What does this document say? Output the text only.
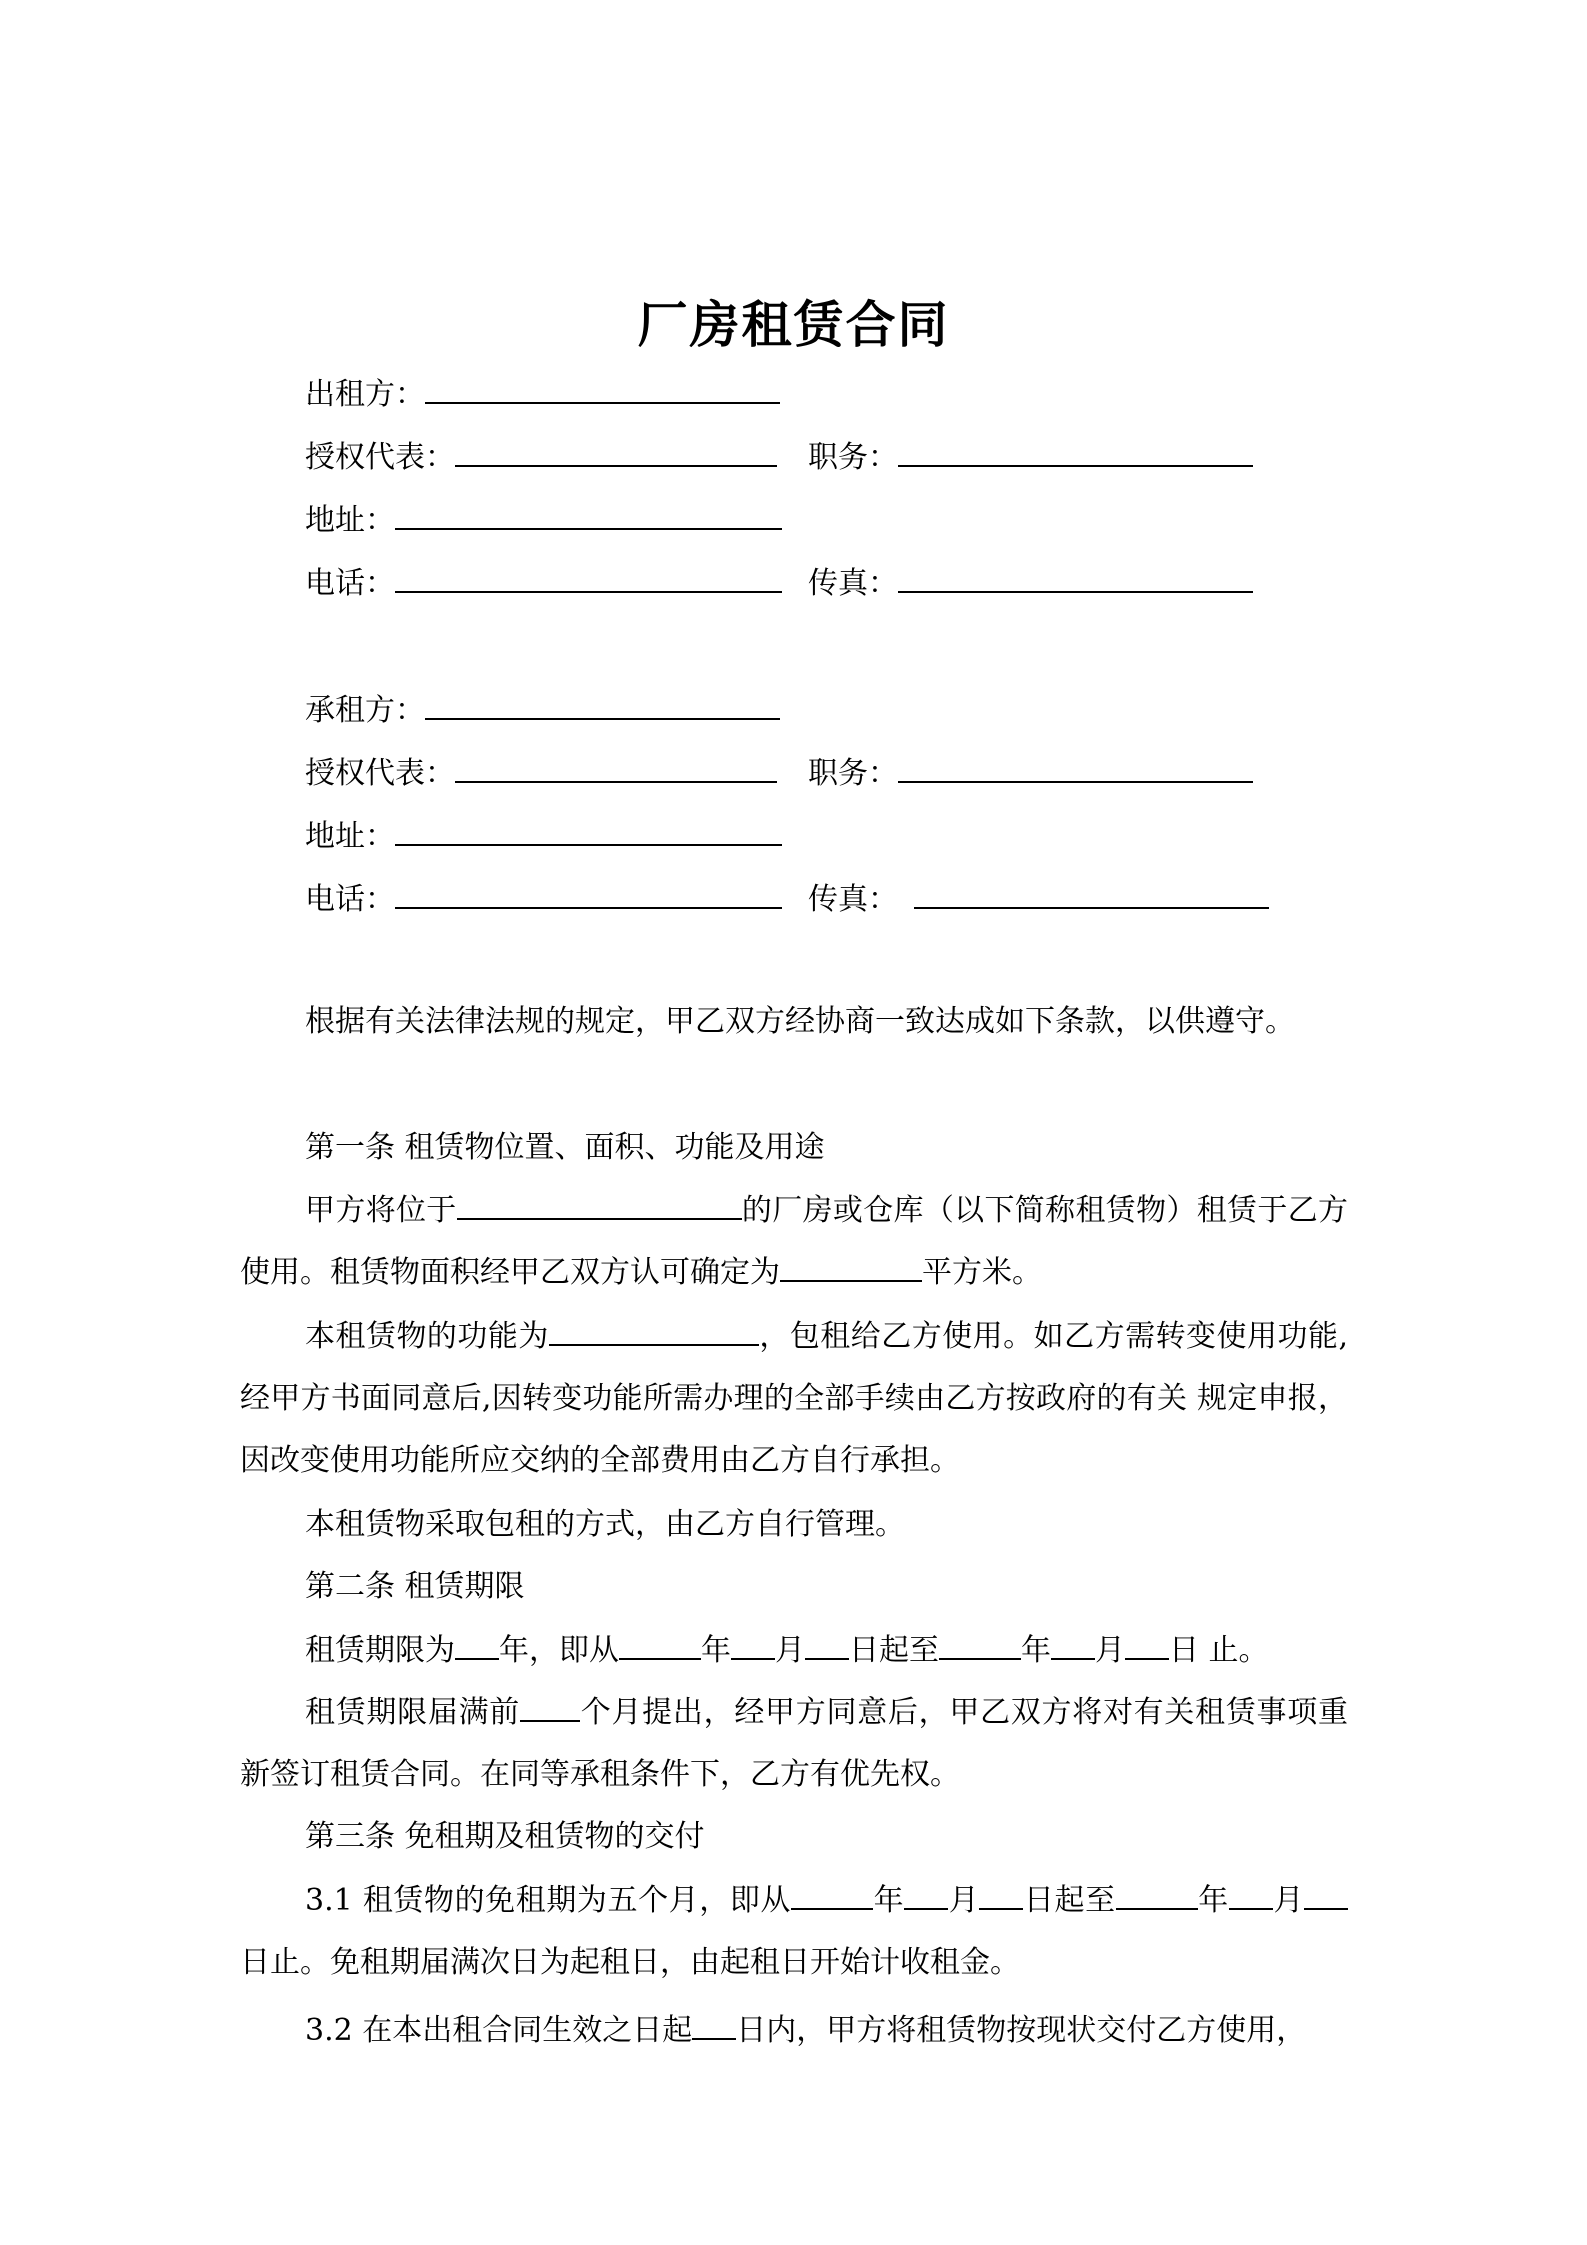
厂房租赁合同
出租方：
授权代表：	职务：
地址：
电话：	传真：
承租方：
授权代表：	职务：
地址：
电话：	传真：
根据有关法律法规的规定，甲乙双方经协商一致达成如下条款，以供遵守。
第一条 租赁物位置、面积、功能及用途
甲方将位于	的厂房或仓库（以下简称租赁物）租赁于乙方使用。租赁物面积经甲乙双方认可确定为	平方米。
本租赁物的功能为	，包租给乙方使用。如乙方需转变使用功能,经甲方书面同意后,因转变功能所需办理的全部手续由乙方按政府的有关 规定申报，因改变使用功能所应交纳的全部费用由乙方自行承担。
本租赁物采取包租的方式，由乙方自行管理。
第二条 租赁期限
租赁期限为 年，即从	年 月 日起至	年 月 日 止。
租赁期限届满前 个月提出，经甲方同意后，甲乙双方将对有关租赁事项重新签订租赁合同。在同等承租条件下，乙方有优先权。
第三条 免租期及租赁物的交付
3.1 租赁物的免租期为五个月，即从	年 月 日起至	年 月日止。免租期届满次日为起租日，由起租日开始计收租金。
3.2 在本出租合同生效之日起 日内，甲方将租赁物按现状交付乙方使用，
